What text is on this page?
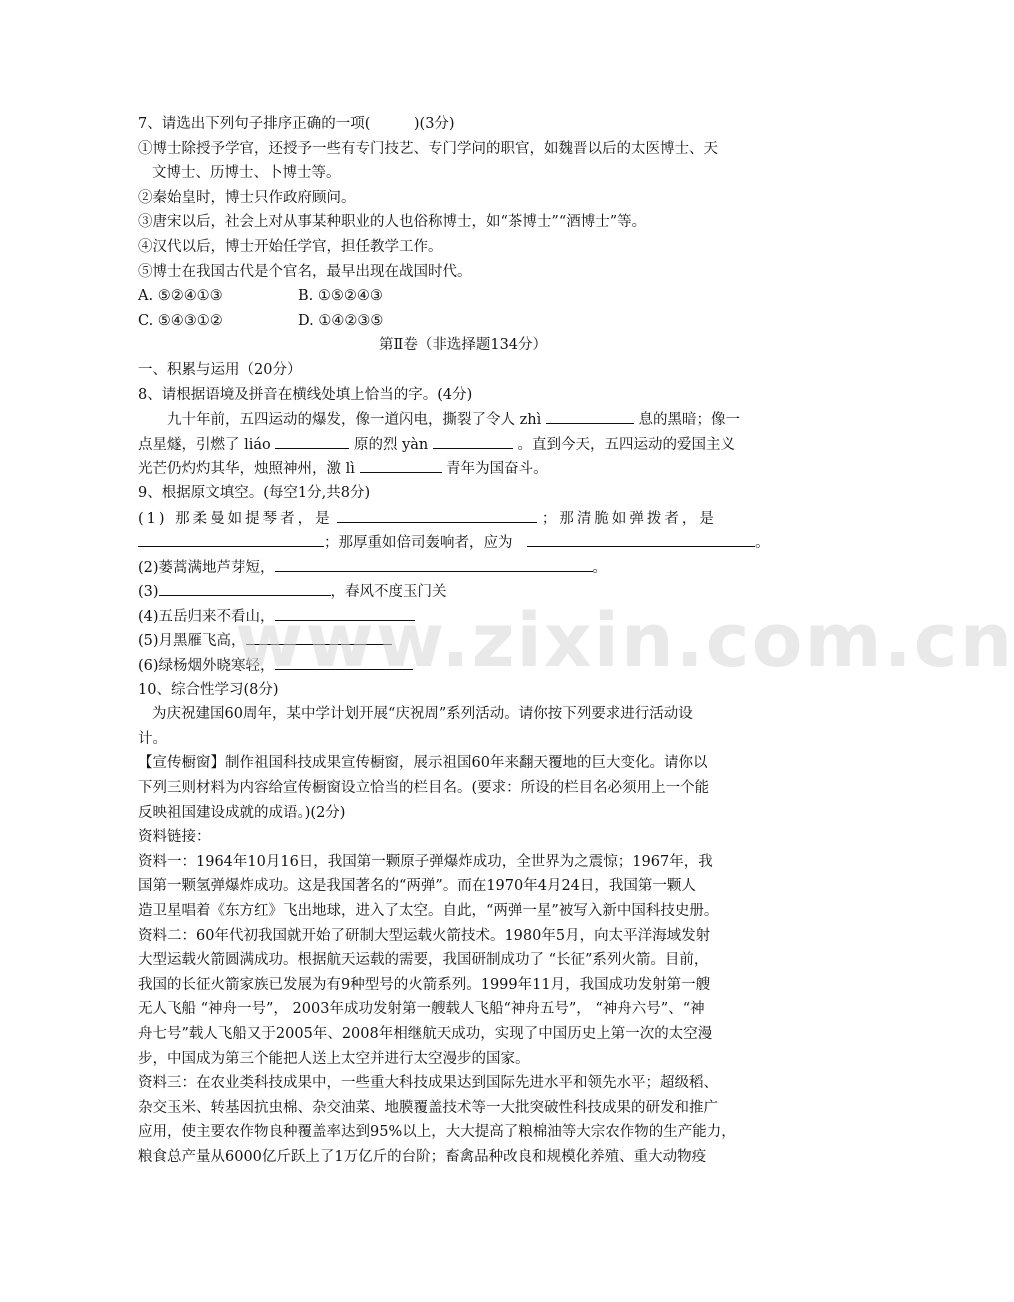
7、请选出下列句子排序正确的一项(　　　)(3分)
①博士除授予学官，还授予一些有专门技艺、专门学问的职官，如魏晋以后的太医博士、天
文博士、历博士、卜博士等。
②秦始皇时，博士只作政府顾问。
③唐宋以后，社会上对从事某种职业的人也俗称博士，如“茶博士”“酒博士”等。
④汉代以后，博士开始任学官，担任教学工作。
⑤博士在我国古代是个官名，最早出现在战国时代。
A. ⑤②④①③	B. ①⑤②④③
C. ⑤④③①②	D. ①④②③⑤
第Ⅱ卷（非选择题134分）
一、积累与运用（20分）
8、请根据语境及拼音在横线处填上恰当的字。(4分)
九十年前，五四运动的爆发，像一道闪电，撕裂了令人 zhì	息的黑暗；像一
点星燧，引燃了 liáo	原的烈 yàn	。直到今天，五四运动的爱国主义
光芒仍灼灼其华，烛照神州，激 lì	青年为国奋斗。
9、根据原文填空。(每空1分,共8分)
(1) 那柔曼如提琴者，是	；那清脆如弹拨者，是
；那厚重如倍司轰响者，应为	。
(2)蒌蒿满地芦芽短，	。
(3)	，春风不度玉门关
(4)五岳归来不看山，
(5)月黑雁飞高，
(6)绿杨烟外晓寒轻，
10、综合性学习(8分)
为庆祝建国60周年，某中学计划开展“庆祝周”系列活动。请你按下列要求进行活动设
计。
【宣传橱窗】制作祖国科技成果宣传橱窗，展示祖国60年来翻天覆地的巨大变化。请你以
下列三则材料为内容给宣传橱窗设立恰当的栏目名。(要求：所设的栏目名必须用上一个能
反映祖国建设成就的成语。)(2分)
资料链接：
资料一：1964年10月16日，我国第一颗原子弹爆炸成功，全世界为之震惊；1967年，我
国第一颗氢弹爆炸成功。这是我国著名的“两弹”。而在1970年4月24日，我国第一颗人
造卫星唱着《东方红》飞出地球，进入了太空。自此，“两弹一星”被写入新中国科技史册。
资料二：60年代初我国就开始了研制大型运载火箭技术。1980年5月，向太平洋海域发射
大型运载火箭圆满成功。根据航天运载的需要，我国研制成功了 “长征”系列火箭。目前，
我国的长征火箭家族已发展为有9种型号的火箭系列。1999年11月，我国成功发射第一艘
无人飞船 “神舟一号”， 2003年成功发射第一艘载人飞船“神舟五号”， “神舟六号”、“神
舟七号”载人飞船又于2005年、2008年相继航天成功，实现了中国历史上第一次的太空漫
步，中国成为第三个能把人送上太空并进行太空漫步的国家。
资料三：在农业类科技成果中，一些重大科技成果达到国际先进水平和领先水平；超级稻、
杂交玉米、转基因抗虫棉、杂交油菜、地膜覆盖技术等一大批突破性科技成果的研发和推广
应用，使主要农作物良种覆盖率达到95%以上，大大提高了粮棉油等大宗农作物的生产能力，
粮食总产量从6000亿斤跃上了1万亿斤的台阶；畜禽品种改良和规模化养殖、重大动物疫
www.zixin.com.cn
